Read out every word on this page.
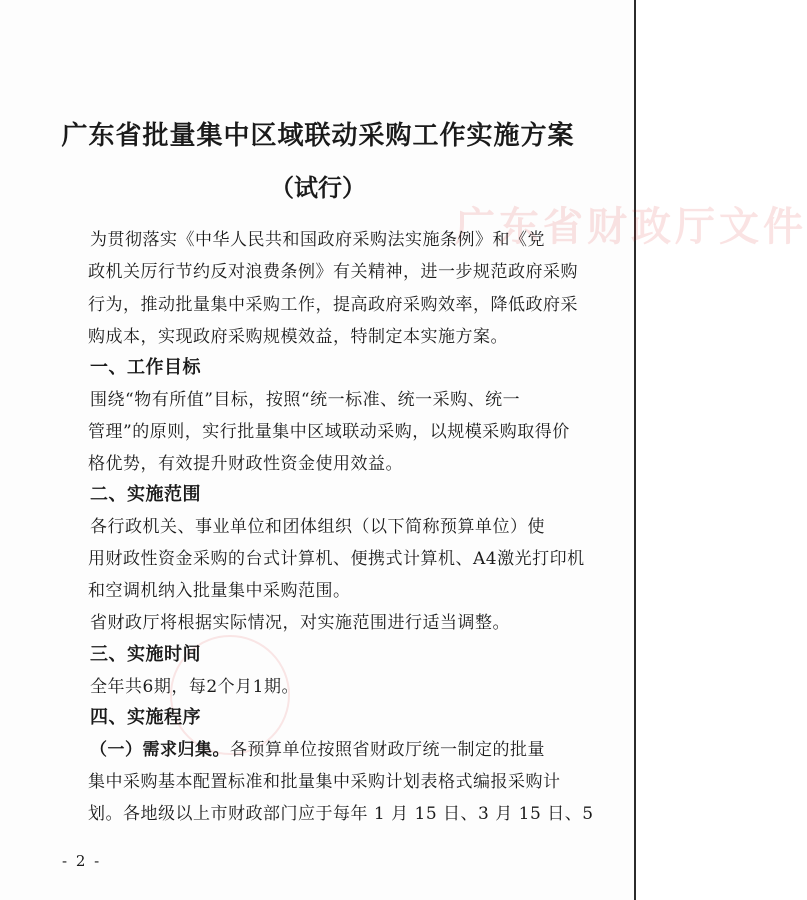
广东省财政厅文件
广东省批量集中区域联动采购工作实施方案
（试行）
为贯彻落实《中华人民共和国政府采购法实施条例》和《党
政机关厉行节约反对浪费条例》有关精神，进一步规范政府采购
行为，推动批量集中采购工作，提高政府采购效率，降低政府采
购成本，实现政府采购规模效益，特制定本实施方案。
一、工作目标
围绕“物有所值”目标，按照“统一标准、统一采购、统一
管理”的原则，实行批量集中区域联动采购，以规模采购取得价
格优势，有效提升财政性资金使用效益。
二、实施范围
各行政机关、事业单位和团体组织（以下简称预算单位）使
用财政性资金采购的台式计算机、便携式计算机、A4激光打印机
和空调机纳入批量集中采购范围。
省财政厅将根据实际情况，对实施范围进行适当调整。
三、实施时间
全年共6期，每2个月1期。
四、实施程序
（一）需求归集。各预算单位按照省财政厅统一制定的批量
集中采购基本配置标准和批量集中采购计划表格式编报采购计
划。各地级以上市财政部门应于每年 1 月 15 日、3 月 15 日、5
- 2 -
